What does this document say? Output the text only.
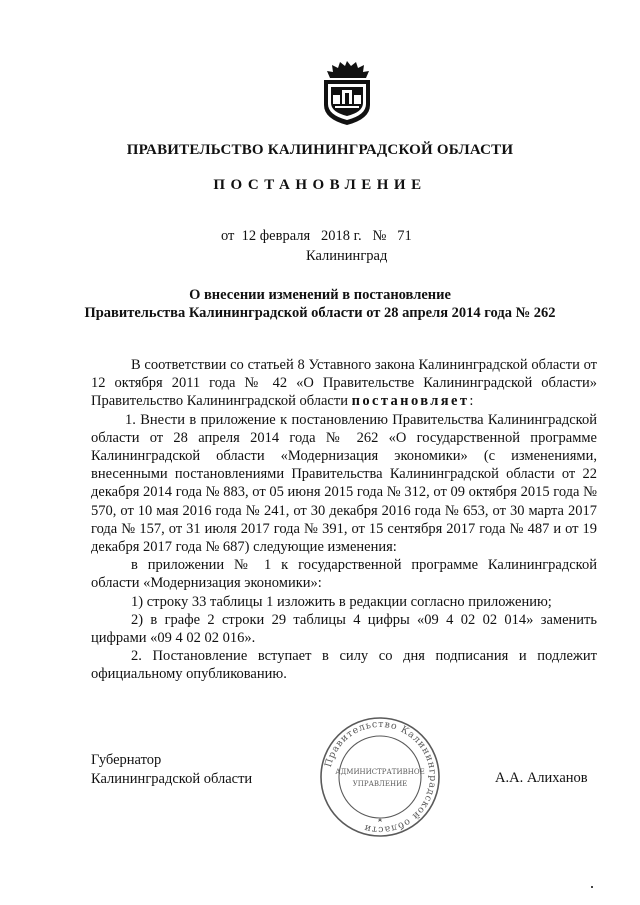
ПРАВИТЕЛЬСТВО КАЛИНИНГРАДСКОЙ ОБЛАСТИ
ПОСТАНОВЛЕНИЕ
от  12 февраля   2018 г.   №   71
Калининград
О внесении изменений в постановление
Правительства Калининградской области от 28 апреля 2014 года № 262

В соответствии со статьей 8 Уставного закона Калининградской области от 12 октября 2011 года № 42 «О Правительстве Калининградской области» Правительство Калининградской области постановляет:

1. Внести в приложение к постановлению Правительства Калининградской области от 28 апреля 2014 года № 262 «О государственной программе Калининградской области «Модернизация экономики» (с изменениями, внесенными постановлениями Правительства Калининградской области от 22 декабря 2014 года № 883, от 05 июня 2015 года № 312, от 09 октября 2015 года № 570, от 10 мая 2016 года № 241, от 30 декабря 2016 года № 653, от 30 марта 2017 года № 157, от 31 июля 2017 года № 391, от 15 сентября 2017 года № 487 и от 19 декабря 2017 года № 687) следующие изменения:

в приложении № 1 к государственной программе Калининградской области «Модернизация экономики»:

1) строку 33 таблицы 1 изложить в редакции согласно приложению;

2) в графе 2 строки 29 таблицы 4 цифры «09 4 02 02 014» заменить цифрами «09 4 02 02 016».

2. Постановление вступает в силу со дня подписания и подлежит официальному опубликованию.

Губернатор
Калининградской области	А.А. Алиханов
Правительство Калининградской области
АДМИНИСТРАТИВНОЕ
УПРАВЛЕНИЕ
